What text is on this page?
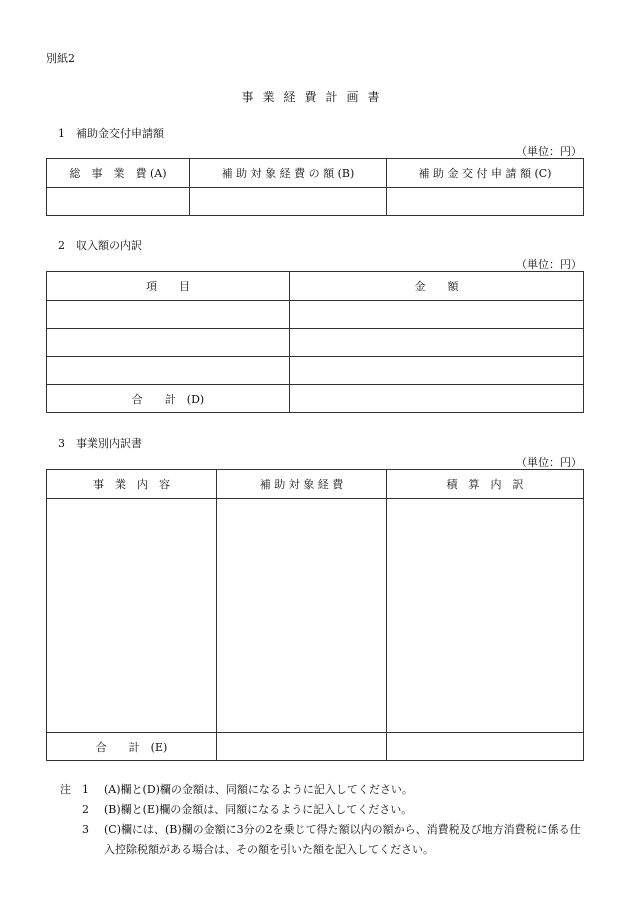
別紙2
事業経費計画書
1　補助金交付申請額
（単位：円）
総　事　業　費 (A)	補 助 対 象 経 費 の 額 (B)	補 助 金 交 付 申 請 額 (C)

2　収入額の内訳
（単位：円）
項　　目	金　　額

合　　計　(D)	
3　事業別内訳書
（単位：円）
事　業　内　容	補 助 対 象 経 費	積　算　内　訳

合　　計　(E)		
注	1	(A)欄と(D)欄の金額は、同額になるように記入してください。
2	(B)欄と(E)欄の金額は、同額になるように記入してください。
3	(C)欄には、(B)欄の金額に3分の2を乗じて得た額以内の額から、消費税及び地方消費税に係る仕入控除税額がある場合は、その額を引いた額を記入してください。
